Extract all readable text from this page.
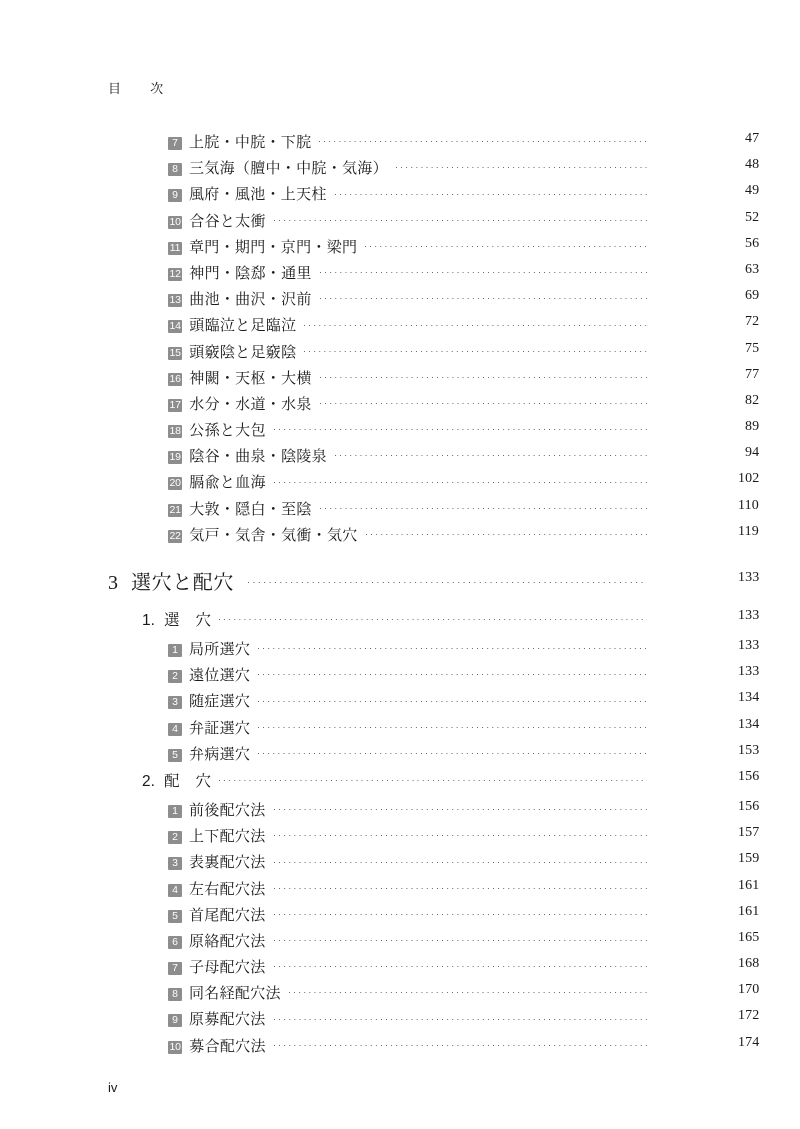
目　次
7 上脘・中脘・下脘	47
8 三気海（膻中・中脘・気海）	48
9 風府・風池・上天柱	49
10 合谷と太衝	52
11 章門・期門・京門・梁門	56
12 神門・陰郄・通里	63
13 曲池・曲沢・沢前	69
14 頭臨泣と足臨泣	72
15 頭竅陰と足竅陰	75
16 神闕・天枢・大横	77
17 水分・水道・水泉	82
18 公孫と大包	89
19 陰谷・曲泉・陰陵泉	94
20 膈兪と血海	102
21 大敦・隠白・至陰	110
22 気戸・気舎・気衝・気穴	119
3 選穴と配穴	133
1. 選　穴	133
1 局所選穴	133
2 遠位選穴	133
3 随症選穴	134
4 弁証選穴	134
5 弁病選穴	153
2. 配　穴	156
1 前後配穴法	156
2 上下配穴法	157
3 表裏配穴法	159
4 左右配穴法	161
5 首尾配穴法	161
6 原絡配穴法	165
7 子母配穴法	168
8 同名経配穴法	170
9 原募配穴法	172
10 募合配穴法	174
iv
